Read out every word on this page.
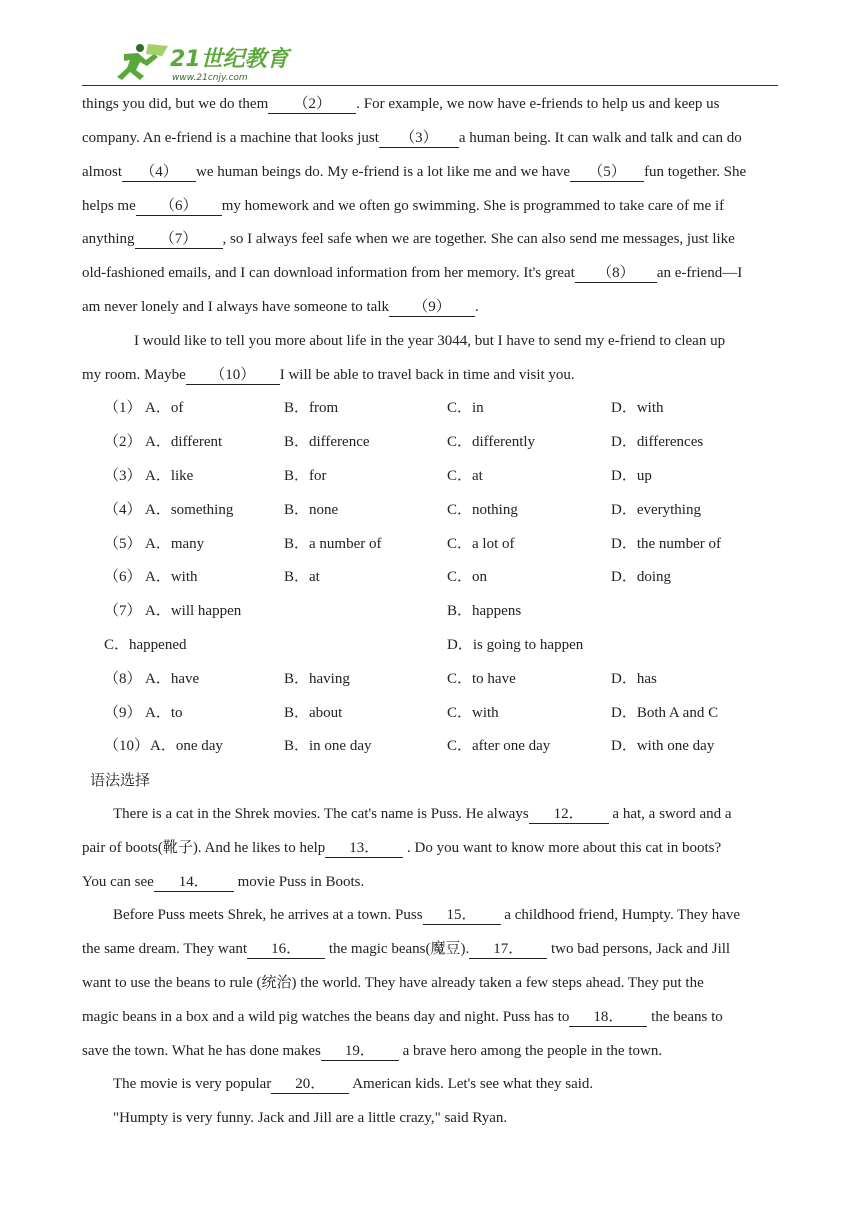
21世纪教育
www.21cnjy.com
things you did, but we do them （2） . For example, we now have e-friends to help us and keep us
company. An e-friend is a machine that looks just （3） a human being. It can walk and talk and can do
almost （4） we human beings do. My e-friend is a lot like me and we have （5） fun together. She
helps me （6） my homework and we often go swimming. She is programmed to take care of me if
anything （7） , so I always feel safe when we are together. She can also send me messages, just like
old-fashioned emails, and I can download information from her memory. It's great （8） an e-friend—I
am never lonely and I always have someone to talk （9） .
I would like to tell you more about life in the year 3044, but I have to send my e-friend to clean up
my room. Maybe （10） I will be able to travel back in time and visit you.
（1） A．of	B．from	C．in	D．with
（2） A．different	B．difference	C．differently	D．differences
（3） A．like	B．for	C．at	D．up
（4） A．something	B．none	C．nothing	D．everything
（5） A．many	B．a number of	C．a lot of	D．the number of
（6） A．with	B．at	C．on	D．doing
（7） A．will happen	B．happens
C．happened	D．is going to happen
（8） A．have	B．having	C．to have	D．has
（9） A．to	B．about	C．with	D．Both A and C
（10） A．one day	B．in one day	C．after one day	D．with one day
语法选择
There is a cat in the Shrek movies. The cat's name is Puss. He always 12． a hat, a sword and a
pair of boots(靴子). And he likes to help 13． . Do you want to know more about this cat in boots?
You can see 14． movie Puss in Boots.
Before Puss meets Shrek, he arrives at a town. Puss 15． a childhood friend, Humpty. They have
the same dream. They want 16． the magic beans(魔豆). 17． two bad persons, Jack and Jill
want to use the beans to rule (统治) the world. They have already taken a few steps ahead. They put the
magic beans in a box and a wild pig watches the beans day and night. Puss has to 18． the beans to
save the town. What he has done makes 19． a brave hero among the people in the town.
The movie is very popular 20． American kids. Let's see what they said.
"Humpty is very funny. Jack and Jill are a little crazy," said Ryan.
